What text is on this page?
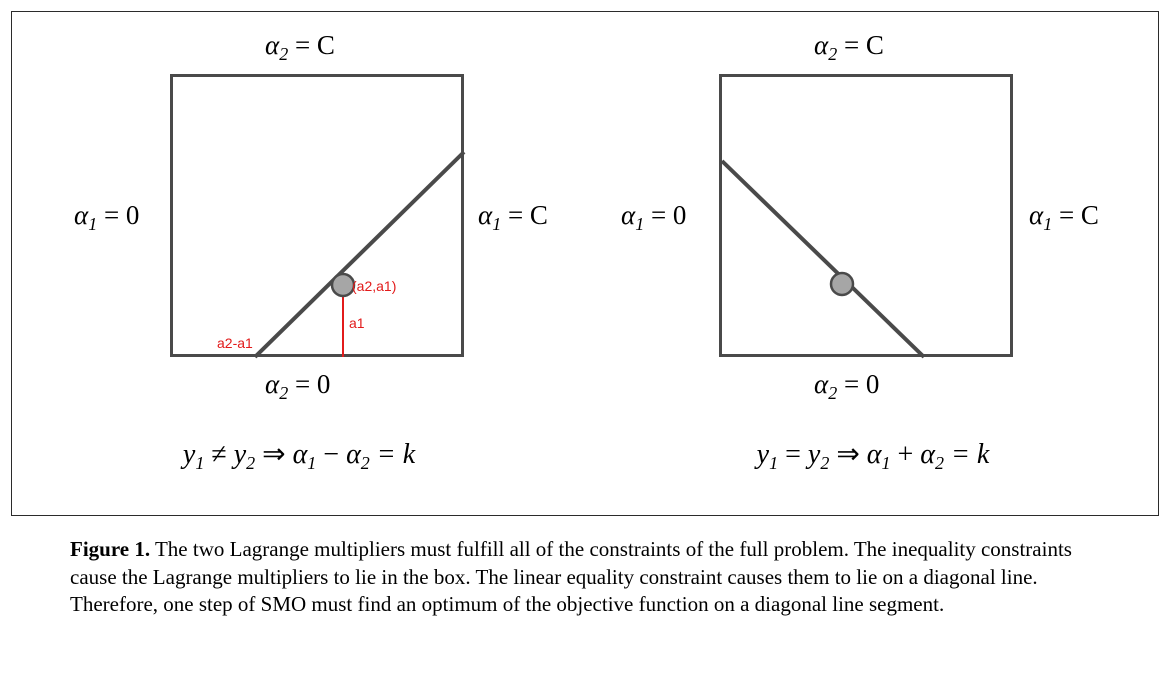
$\alpha_2 = C$
$\alpha_1 = 0$	$\alpha_1 = C$
$\alpha_2 = 0$
(a2,a1)
a1
a2-a1
$y_1 \ne y_2$ ⇒ $\alpha_1 - \alpha_2 = k$
$\alpha_2 = C$
$\alpha_1 = 0$	$\alpha_1 = C$
$\alpha_2 = 0$
$y_1 = y_2$ ⇒ $\alpha_1 + \alpha_2 = k$
Figure 1. The two Lagrange multipliers must fulfill all of the constraints of the full problem. The inequality constraints cause the Lagrange multipliers to lie in the box. The linear equality constraint causes them to lie on a diagonal line. Therefore, one step of SMO must find an optimum of the objective function on a diagonal line segment.
